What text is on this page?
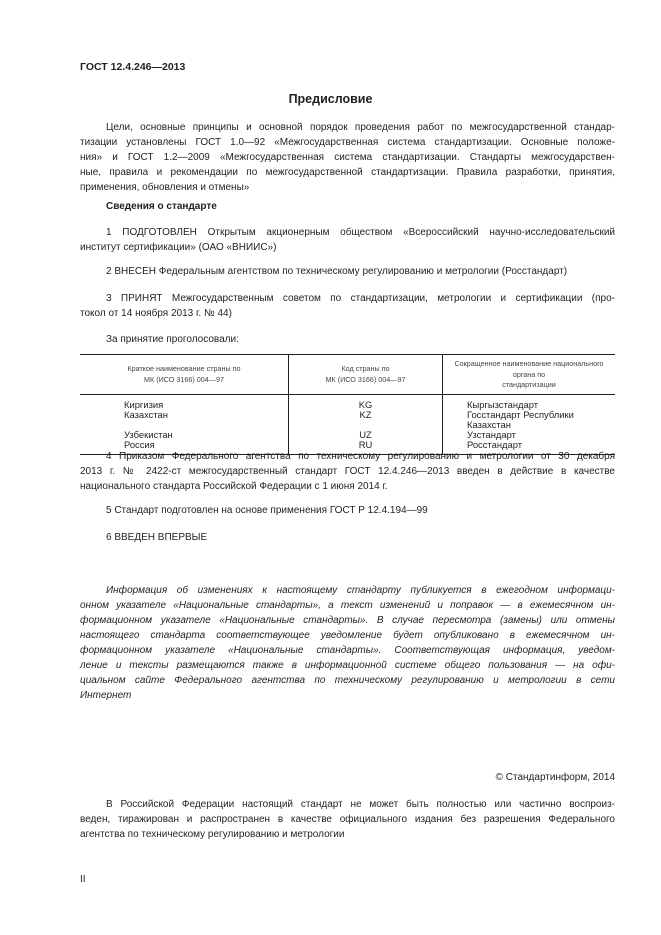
ГОСТ 12.4.246—2013
Предисловие
Цели, основные принципы и основной порядок проведения работ по межгосударственной стандар-
тизации установлены ГОСТ 1.0—92 «Межгосударственная система стандартизации. Основные положе-
ния» и ГОСТ 1.2—2009 «Межгосударственная система стандартизации. Стандарты межгосударствен-
ные, правила и рекомендации по межгосударственной стандартизации. Правила разработки, принятия,
применения, обновления и отмены»
Сведения о стандарте
1 ПОДГОТОВЛЕН Открытым акционерным обществом «Всероссийский научно-исследовательский
институт сертификации» (ОАО «ВНИИС»)
2 ВНЕСЕН Федеральным агентством по техническому регулированию и метрологии (Росстандарт)
3 ПРИНЯТ Межгосударственным советом по стандартизации, метрологии и сертификации (про-
токол от 14 ноября 2013 г. № 44)
За принятие проголосовали:
Краткое наименование страны по
МК (ИСО 3166) 004—97	Код страны по
МК (ИСО 3166) 004—97	Сокращенное наименование национального органа по
стандартизации
Киргизия	KG	Кыргызстандарт
Казахстан	KZ	Госстандарт Республики Казахстан
Узбекистан	UZ	Узстандарт
Россия	RU	Росстандарт
4 Приказом Федерального агентства по техническому регулированию и метрологии от 30 декабря
2013 г. № 2422-ст межгосударственный стандарт ГОСТ 12.4.246—2013 введен в действие в качестве
национального стандарта Российской Федерации с 1 июня 2014 г.
5 Стандарт подготовлен на основе применения ГОСТ Р 12.4.194—99
6 ВВЕДЕН ВПЕРВЫЕ
Информация об изменениях к настоящему стандарту публикуется в ежегодном информаци-
онном указателе «Национальные стандарты», а текст изменений и поправок — в ежемесячном ин-
формационном указателе «Национальные стандарты». В случае пересмотра (замены) или отмены
настоящего стандарта соответствующее уведомление будет опубликовано в ежемесячном ин-
формационном указателе «Национальные стандарты». Соответствующая информация, уведом-
ление и тексты размещаются также в информационной системе общего пользования — на офи-
циальном сайте Федерального агентства по техническому регулированию и метрологии в сети
Интернет
© Стандартинформ, 2014
В Российской Федерации настоящий стандарт не может быть полностью или частично воспроиз-
веден, тиражирован и распространен в качестве официального издания без разрешения Федерального
агентства по техническому регулированию и метрологии
II
